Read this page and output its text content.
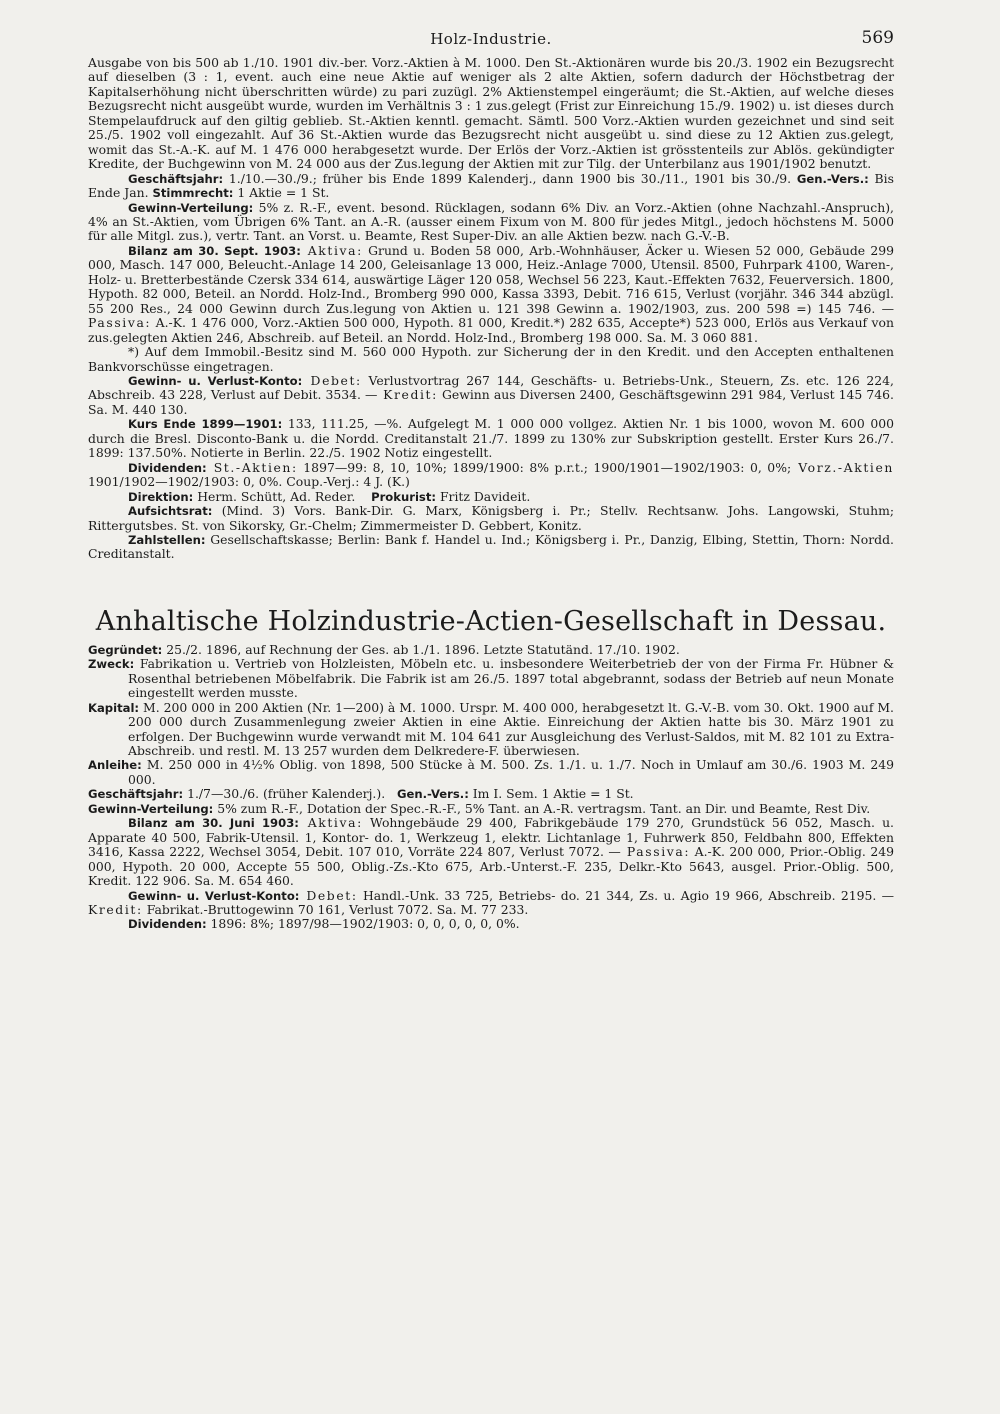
Holz-Industrie.	569

Ausgabe von bis 500 ab 1./10. 1901 div.-ber. Vorz.-Aktien à M. 1000. Den St.-Aktionären wurde bis 20./3. 1902 ein Bezugsrecht auf dieselben (3 : 1, event. auch eine neue Aktie auf weniger als 2 alte Aktien, sofern dadurch der Höchstbetrag der Kapitalserhöhung nicht überschritten würde) zu pari zuzügl. 2% Aktienstempel eingeräumt; die St.-Aktien, auf welche dieses Bezugsrecht nicht ausgeübt wurde, wurden im Verhältnis 3 : 1 zus.gelegt (Frist zur Einreichung 15./9. 1902) u. ist dieses durch Stempelaufdruck auf den giltig geblieb. St.-Aktien kenntl. gemacht. Sämtl. 500 Vorz.-Aktien wurden gezeichnet und sind seit 25./5. 1902 voll eingezahlt. Auf 36 St.-Aktien wurde das Bezugsrecht nicht ausgeübt u. sind diese zu 12 Aktien zus.gelegt, womit das St.-A.-K. auf M. 1 476 000 herabgesetzt wurde. Der Erlös der Vorz.-Aktien ist grösstenteils zur Ablös. gekündigter Kredite, der Buchgewinn von M. 24 000 aus der Zus.legung der Aktien mit zur Tilg. der Unterbilanz aus 1901/1902 benutzt.

Geschäftsjahr: 1./10.—30./9.; früher bis Ende 1899 Kalenderj., dann 1900 bis 30./11., 1901 bis 30./9. Gen.-Vers.: Bis Ende Jan. Stimmrecht: 1 Aktie = 1 St.

Gewinn-Verteilung: 5% z. R.-F., event. besond. Rücklagen, sodann 6% Div. an Vorz.-Aktien (ohne Nachzahl.-Anspruch), 4% an St.-Aktien, vom Übrigen 6% Tant. an A.-R. (ausser einem Fixum von M. 800 für jedes Mitgl., jedoch höchstens M. 5000 für alle Mitgl. zus.), vertr. Tant. an Vorst. u. Beamte, Rest Super-Div. an alle Aktien bezw. nach G.-V.-B.

Bilanz am 30. Sept. 1903: Aktiva: Grund u. Boden 58 000, Arb.-Wohnhäuser, Äcker u. Wiesen 52 000, Gebäude 299 000, Masch. 147 000, Beleucht.-Anlage 14 200, Geleisanlage 13 000, Heiz.-Anlage 7000, Utensil. 8500, Fuhrpark 4100, Waren-, Holz- u. Bretterbestände Czersk 334 614, auswärtige Läger 120 058, Wechsel 56 223, Kaut.-Effekten 7632, Feuerversich. 1800, Hypoth. 82 000, Beteil. an Nordd. Holz-Ind., Bromberg 990 000, Kassa 3393, Debit. 716 615, Verlust (vorjähr. 346 344 abzügl. 55 200 Res., 24 000 Gewinn durch Zus.legung von Aktien u. 121 398 Gewinn a. 1902/1903, zus. 200 598 =) 145 746. — Passiva: A.-K. 1 476 000, Vorz.-Aktien 500 000, Hypoth. 81 000, Kredit.*) 282 635, Accepte*) 523 000, Erlös aus Verkauf von zus.gelegten Aktien 246, Abschreib. auf Beteil. an Nordd. Holz-Ind., Bromberg 198 000. Sa. M. 3 060 881.

*) Auf dem Immobil.-Besitz sind M. 560 000 Hypoth. zur Sicherung der in den Kredit. und den Accepten enthaltenen Bankvorschüsse eingetragen.

Gewinn- u. Verlust-Konto: Debet: Verlustvortrag 267 144, Geschäfts- u. Betriebs-Unk., Steuern, Zs. etc. 126 224, Abschreib. 43 228, Verlust auf Debit. 3534. — Kredit: Gewinn aus Diversen 2400, Geschäftsgewinn 291 984, Verlust 145 746. Sa. M. 440 130.

Kurs Ende 1899—1901: 133, 111.25, —%. Aufgelegt M. 1 000 000 vollgez. Aktien Nr. 1 bis 1000, wovon M. 600 000 durch die Bresl. Disconto-Bank u. die Nordd. Creditanstalt 21./7. 1899 zu 130% zur Subskription gestellt. Erster Kurs 26./7. 1899: 137.50%. Notierte in Berlin. 22./5. 1902 Notiz eingestellt.

Dividenden: St.-Aktien: 1897—99: 8, 10, 10%; 1899/1900: 8% p.r.t.; 1900/1901—1902/1903: 0, 0%; Vorz.-Aktien 1901/1902—1902/1903: 0, 0%. Coup.-Verj.: 4 J. (K.)

Direktion: Herm. Schütt, Ad. Reder. Prokurist: Fritz Davideit.

Aufsichtsrat: (Mind. 3) Vors. Bank-Dir. G. Marx, Königsberg i. Pr.; Stellv. Rechtsanw. Johs. Langowski, Stuhm; Rittergutsbes. St. von Sikorsky, Gr.-Chelm; Zimmermeister D. Gebbert, Konitz.

Zahlstellen: Gesellschaftskasse; Berlin: Bank f. Handel u. Ind.; Königsberg i. Pr., Danzig, Elbing, Stettin, Thorn: Nordd. Creditanstalt.

Anhaltische Holzindustrie-Actien-Gesellschaft in Dessau.

Gegründet: 25./2. 1896, auf Rechnung der Ges. ab 1./1. 1896. Letzte Statutänd. 17./10. 1902.

Zweck: Fabrikation u. Vertrieb von Holzleisten, Möbeln etc. u. insbesondere Weiterbetrieb der von der Firma Fr. Hübner & Rosenthal betriebenen Möbelfabrik. Die Fabrik ist am 26./5. 1897 total abgebrannt, sodass der Betrieb auf neun Monate eingestellt werden musste.

Kapital: M. 200 000 in 200 Aktien (Nr. 1—200) à M. 1000. Urspr. M. 400 000, herabgesetzt lt. G.-V.-B. vom 30. Okt. 1900 auf M. 200 000 durch Zusammenlegung zweier Aktien in eine Aktie. Einreichung der Aktien hatte bis 30. März 1901 zu erfolgen. Der Buchgewinn wurde verwandt mit M. 104 641 zur Ausgleichung des Verlust-Saldos, mit M. 82 101 zu Extra-Abschreib. und restl. M. 13 257 wurden dem Delkredere-F. überwiesen.

Anleihe: M. 250 000 in 4½% Oblig. von 1898, 500 Stücke à M. 500. Zs. 1./1. u. 1./7. Noch in Umlauf am 30./6. 1903 M. 249 000.

Geschäftsjahr: 1./7—30./6. (früher Kalenderj.). Gen.-Vers.: Im I. Sem. 1 Aktie = 1 St.

Gewinn-Verteilung: 5% zum R.-F., Dotation der Spec.-R.-F., 5% Tant. an A.-R. vertragsm. Tant. an Dir. und Beamte, Rest Div.

Bilanz am 30. Juni 1903: Aktiva: Wohngebäude 29 400, Fabrikgebäude 179 270, Grundstück 56 052, Masch. u. Apparate 40 500, Fabrik-Utensil. 1, Kontor- do. 1, Werkzeug 1, elektr. Lichtanlage 1, Fuhrwerk 850, Feldbahn 800, Effekten 3416, Kassa 2222, Wechsel 3054, Debit. 107 010, Vorräte 224 807, Verlust 7072. — Passiva: A.-K. 200 000, Prior.-Oblig. 249 000, Hypoth. 20 000, Accepte 55 500, Oblig.-Zs.-Kto 675, Arb.-Unterst.-F. 235, Delkr.-Kto 5643, ausgel. Prior.-Oblig. 500, Kredit. 122 906. Sa. M. 654 460.

Gewinn- u. Verlust-Konto: Debet: Handl.-Unk. 33 725, Betriebs- do. 21 344, Zs. u. Agio 19 966, Abschreib. 2195. — Kredit: Fabrikat.-Bruttogewinn 70 161, Verlust 7072. Sa. M. 77 233.

Dividenden: 1896: 8%; 1897/98—1902/1903: 0, 0, 0, 0, 0, 0%.
